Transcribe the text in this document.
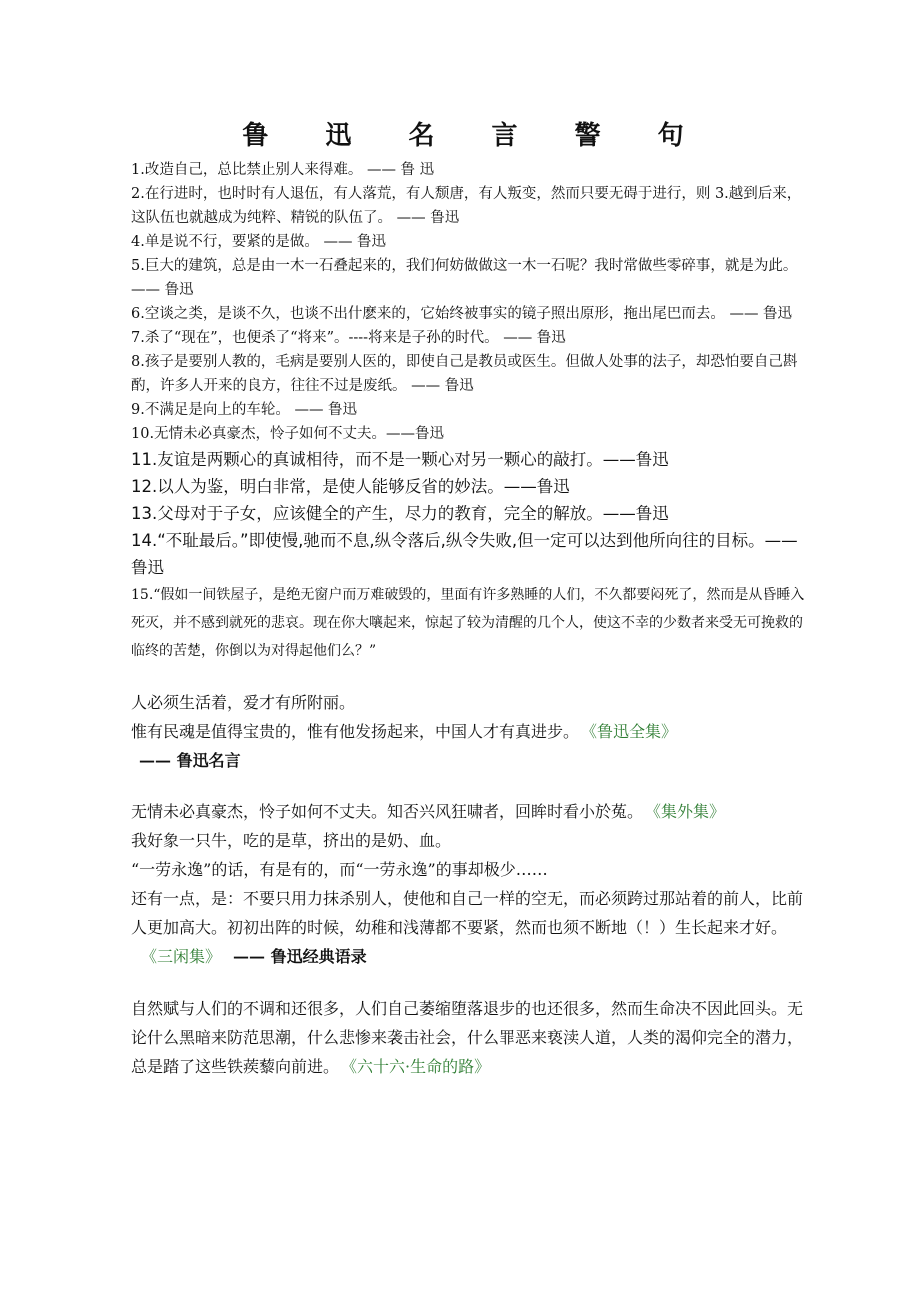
鲁 迅 名 言 警 句

1.改造自己，总比禁止别人来得难。 —— 鲁 迅

2.在行进时，也时时有人退伍，有人落荒，有人颓唐，有人叛变，然而只要无碍于进行，则 3.越到后来，这队伍也就越成为纯粹、精锐的队伍了。 —— 鲁迅

4.单是说不行，要紧的是做。 —— 鲁迅

5.巨大的建筑，总是由一木一石叠起来的，我们何妨做做这一木一石呢？我时常做些零碎事，就是为此。 —— 鲁迅

6.空谈之类，是谈不久，也谈不出什麽来的，它始终被事实的镜子照出原形，拖出尾巴而去。 —— 鲁迅

7.杀了“现在”，也便杀了“将来”。----将来是子孙的时代。 —— 鲁迅

8.孩子是要别人教的，毛病是要别人医的，即使自己是教员或医生。但做人处事的法子，却恐怕要自己斟酌，许多人开来的良方，往往不过是废纸。 —— 鲁迅

9.不满足是向上的车轮。 —— 鲁迅

10.无情未必真豪杰，怜子如何不丈夫。——鲁迅

11.友谊是两颗心的真诚相待，而不是一颗心对另一颗心的敲打。——鲁迅

12.以人为鉴，明白非常，是使人能够反省的妙法。——鲁迅

13.父母对于子女，应该健全的产生，尽力的教育，完全的解放。——鲁迅

14.“不耻最后。”即使慢,驰而不息,纵令落后,纵令失败,但一定可以达到他所向往的目标。——鲁迅

15.“假如一间铁屋子，是绝无窗户而万难破毁的，里面有许多熟睡的人们，不久都要闷死了，然而是从昏睡入死灭，并不感到就死的悲哀。现在你大嚷起来，惊起了较为清醒的几个人，使这不幸的少数者来受无可挽救的临终的苦楚，你倒以为对得起他们么？”

人必须生活着，爱才有所附丽。

惟有民魂是值得宝贵的，惟有他发扬起来，中国人才有真进步。 《鲁迅全集》

—— 鲁迅名言

无情未必真豪杰，怜子如何不丈夫。知否兴风狂啸者，回眸时看小於菟。 《集外集》

我好象一只牛，吃的是草，挤出的是奶、血。

“一劳永逸”的话，有是有的，而“一劳永逸”的事却极少……

还有一点，是：不要只用力抹杀别人，使他和自己一样的空无，而必须跨过那站着的前人，比前人更加高大。初初出阵的时候，幼稚和浅薄都不要紧，然而也须不断地（！）生长起来才好。《三闲集》 —— 鲁迅经典语录

自然赋与人们的不调和还很多，人们自己萎缩堕落退步的也还很多，然而生命决不因此回头。无论什么黑暗来防范思潮，什么悲惨来袭击社会，什么罪恶来亵渎人道，人类的渴仰完全的潜力，总是踏了这些铁蒺藜向前进。 《六十六·生命的路》
